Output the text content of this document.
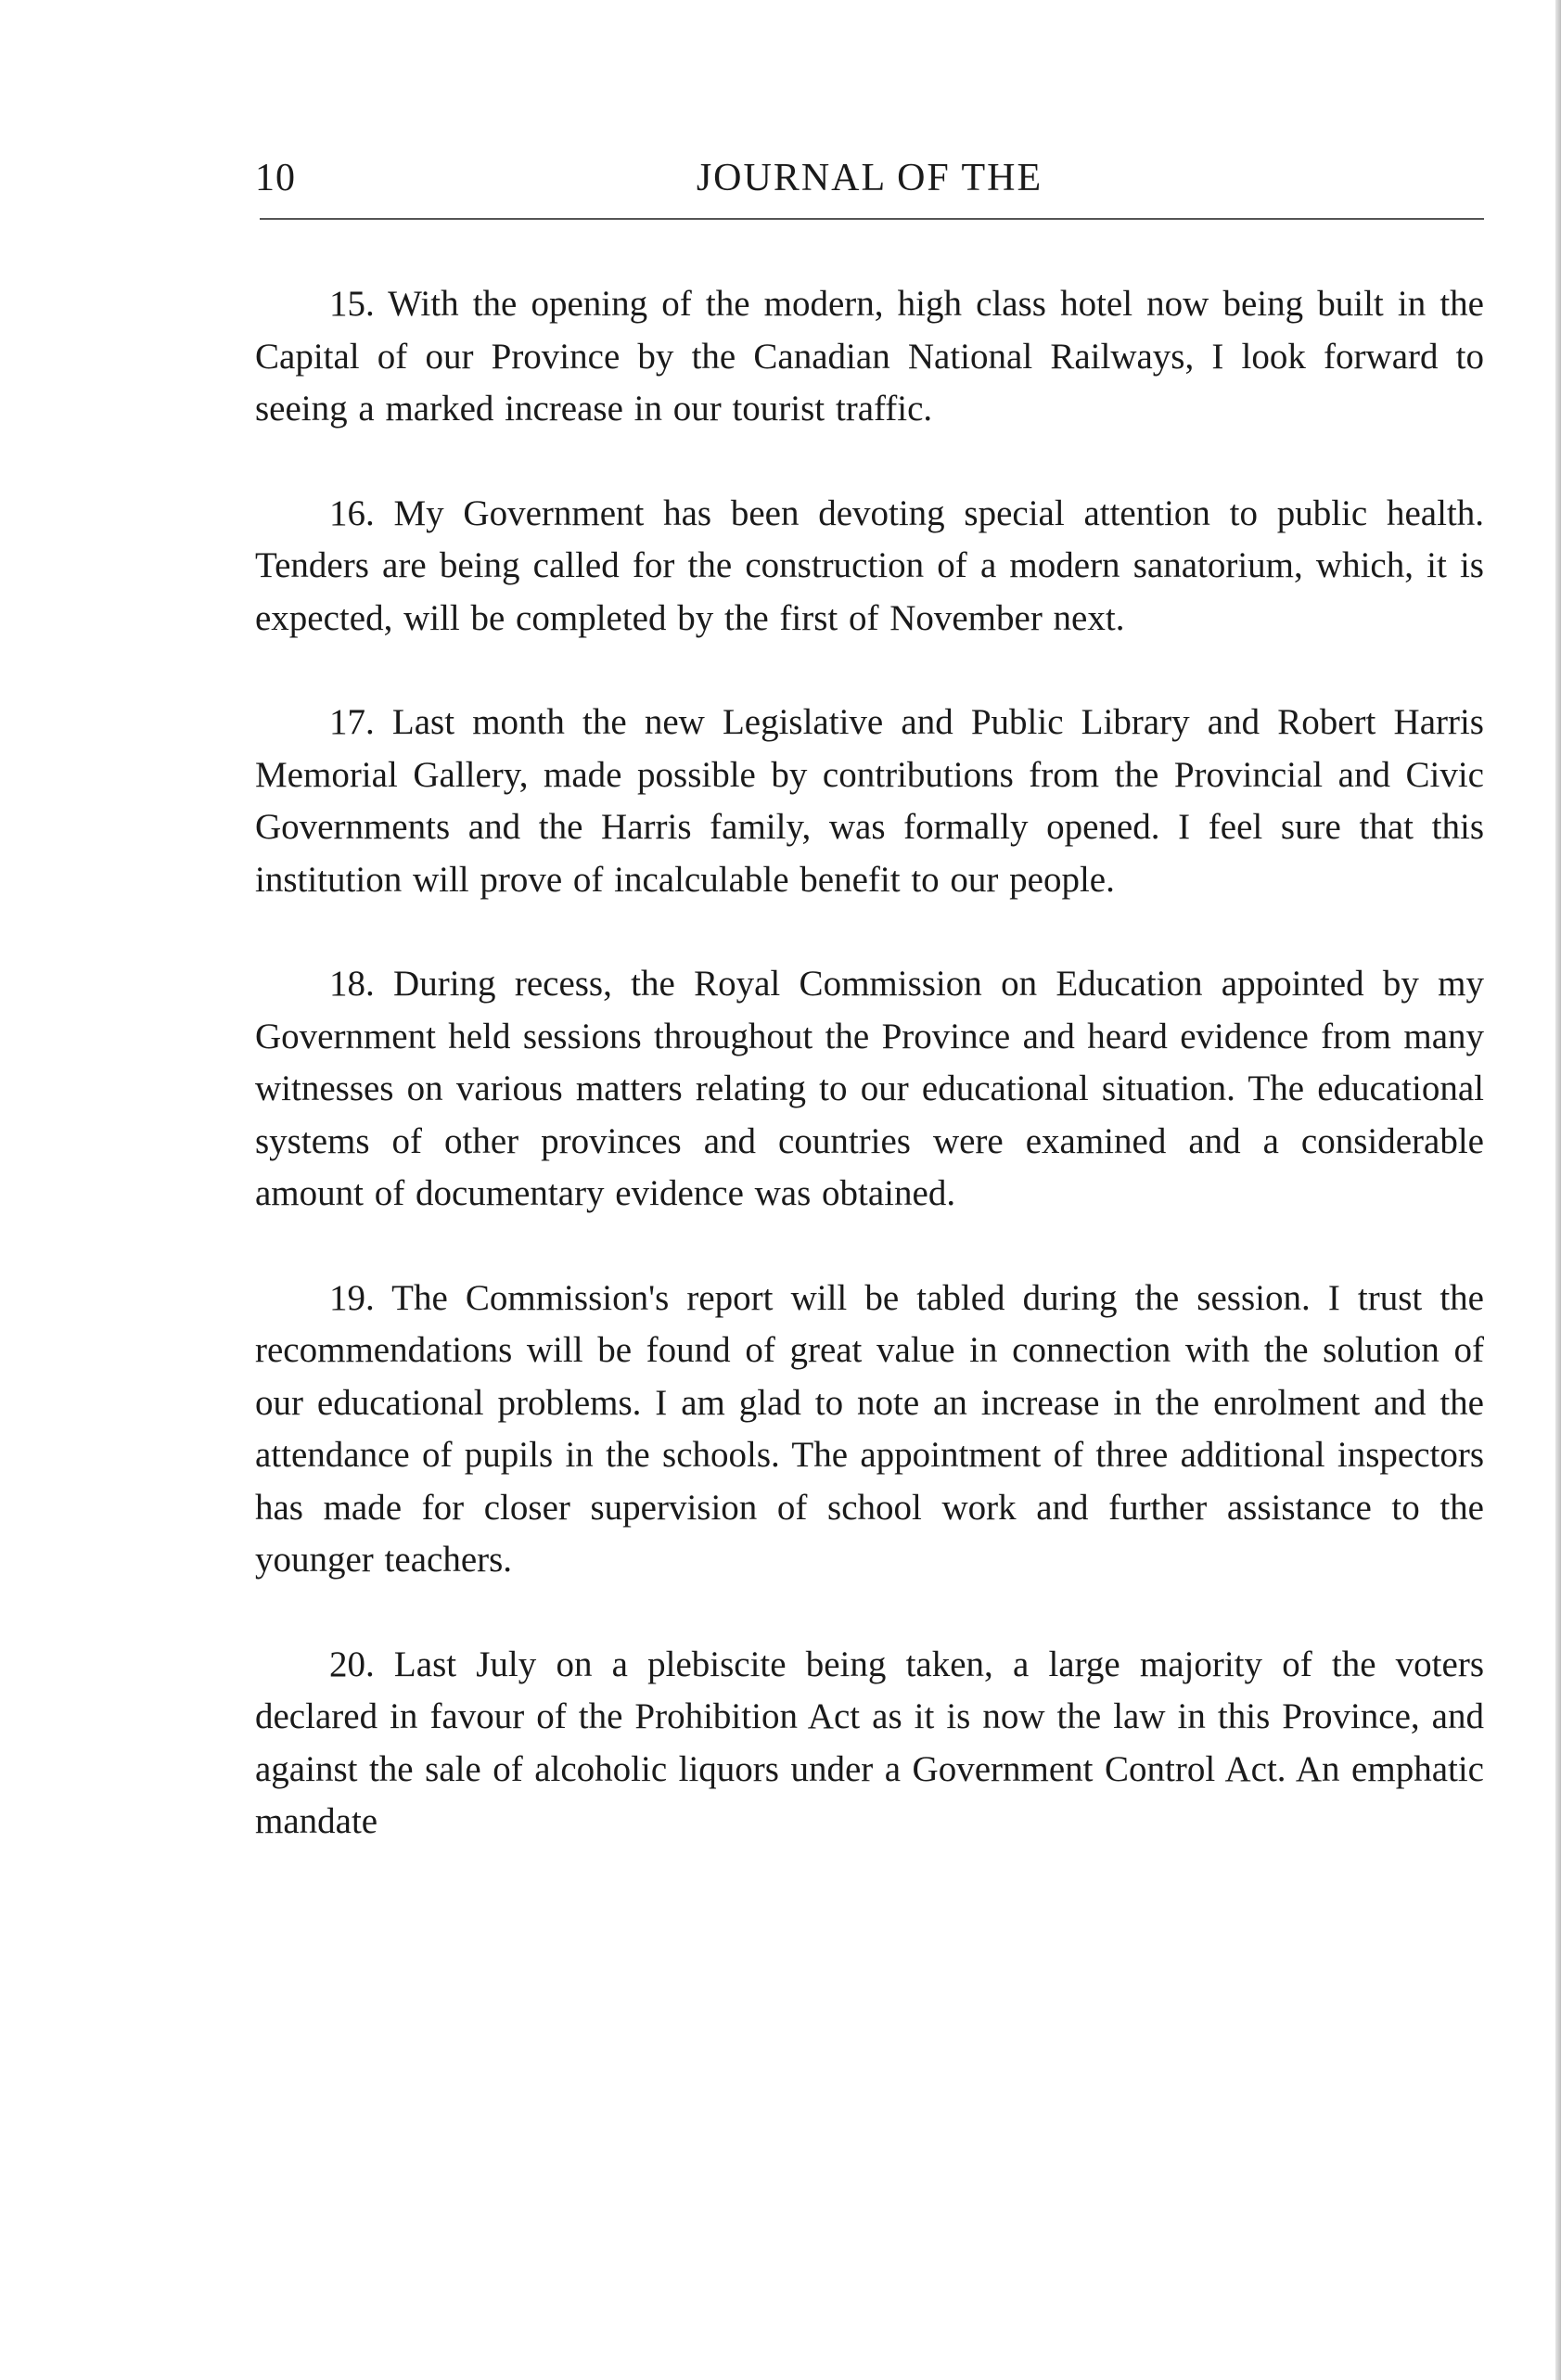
10	JOURNAL OF THE

15. With the opening of the modern, high class hotel now being built in the Capital of our Province by the Canadian National Railways, I look forward to seeing a marked increase in our tourist traffic.

16. My Government has been devoting special attention to public health. Tenders are being called for the construction of a modern sanatorium, which, it is expected, will be completed by the first of November next.

17. Last month the new Legislative and Public Library and Robert Harris Memorial Gallery, made possible by contributions from the Provincial and Civic Governments and the Harris family, was formally opened. I feel sure that this institution will prove of incalculable benefit to our people.

18. During recess, the Royal Commission on Education appointed by my Government held sessions throughout the Province and heard evidence from many witnesses on various matters relating to our educational situation. The educational systems of other provinces and countries were examined and a considerable amount of documentary evidence was obtained.

19. The Commission's report will be tabled during the session. I trust the recommendations will be found of great value in connection with the solution of our educational problems. I am glad to note an increase in the enrolment and the attendance of pupils in the schools. The appointment of three additional inspectors has made for closer supervision of school work and further assistance to the younger teachers.

20. Last July on a plebiscite being taken, a large majority of the voters declared in favour of the Prohibition Act as it is now the law in this Province, and against the sale of alcoholic liquors under a Government Control Act. An emphatic mandate
